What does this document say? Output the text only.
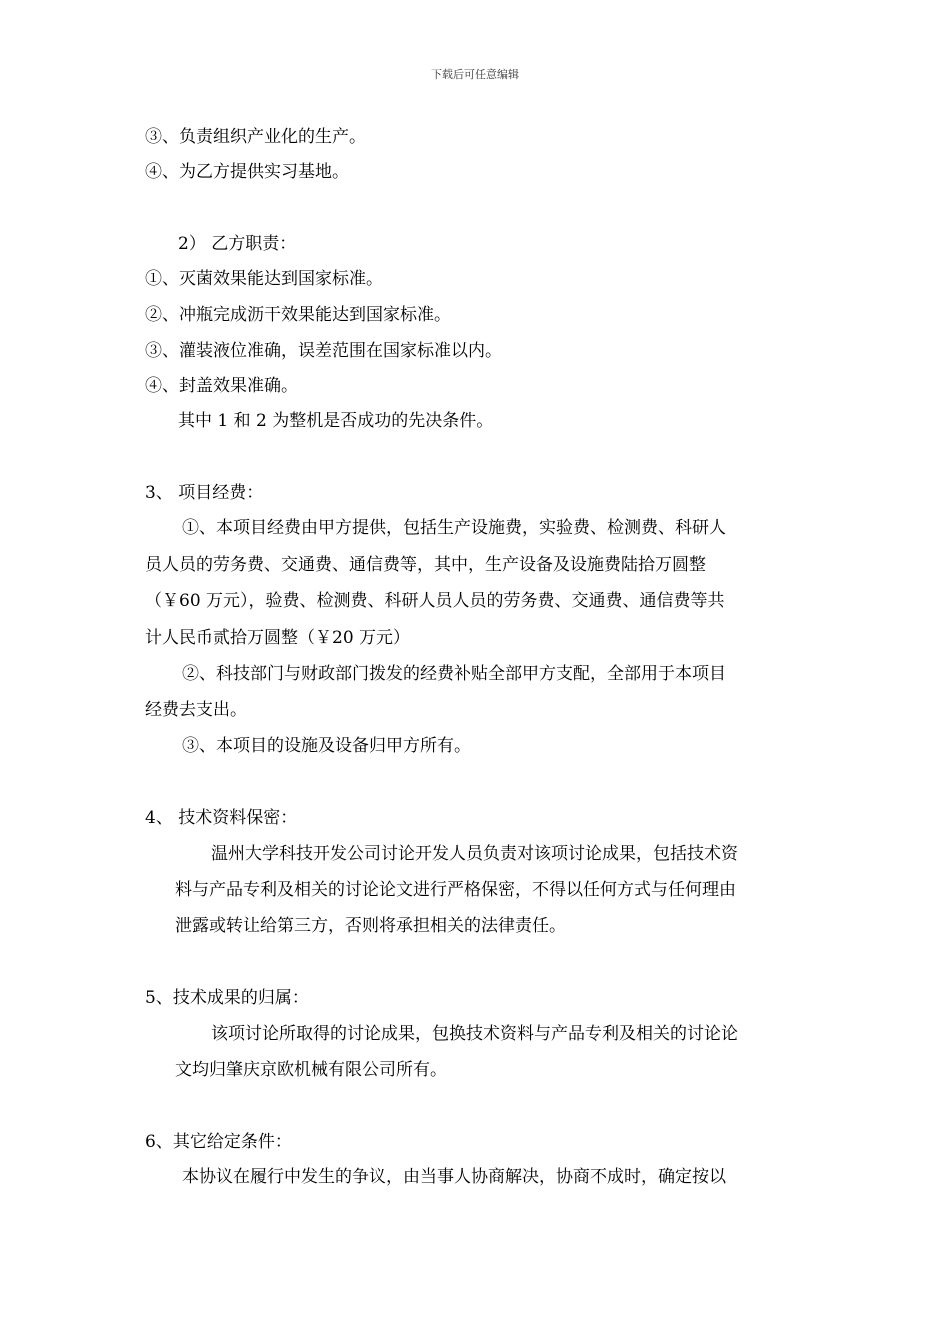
下载后可任意编辑
③、负责组织产业化的生产。
④、为乙方提供实习基地。
2） 乙方职责：
①、灭菌效果能达到国家标准。
②、冲瓶完成沥干效果能达到国家标准。
③、灌装液位准确，误差范围在国家标准以内。
④、封盖效果准确。
其中 1 和 2 为整机是否成功的先决条件。
3、 项目经费：
①、本项目经费由甲方提供，包括生产设施费，实验费、检测费、科研人
员人员的劳务费、交通费、通信费等，其中，生产设备及设施费陆拾万圆整
（￥60 万元），验费、检测费、科研人员人员的劳务费、交通费、通信费等共
计人民币贰拾万圆整（￥20 万元）
②、科技部门与财政部门拨发的经费补贴全部甲方支配，全部用于本项目
经费去支出。
③、本项目的设施及设备归甲方所有。
4、 技术资料保密：
温州大学科技开发公司讨论开发人员负责对该项讨论成果，包括技术资
料与产品专利及相关的讨论论文进行严格保密，不得以任何方式与任何理由
泄露或转让给第三方，否则将承担相关的法律责任。
5、技术成果的归属：
该项讨论所取得的讨论成果，包换技术资料与产品专利及相关的讨论论
文均归肇庆京欧机械有限公司所有。
6、其它给定条件：
本协议在履行中发生的争议，由当事人协商解决，协商不成时，确定按以
